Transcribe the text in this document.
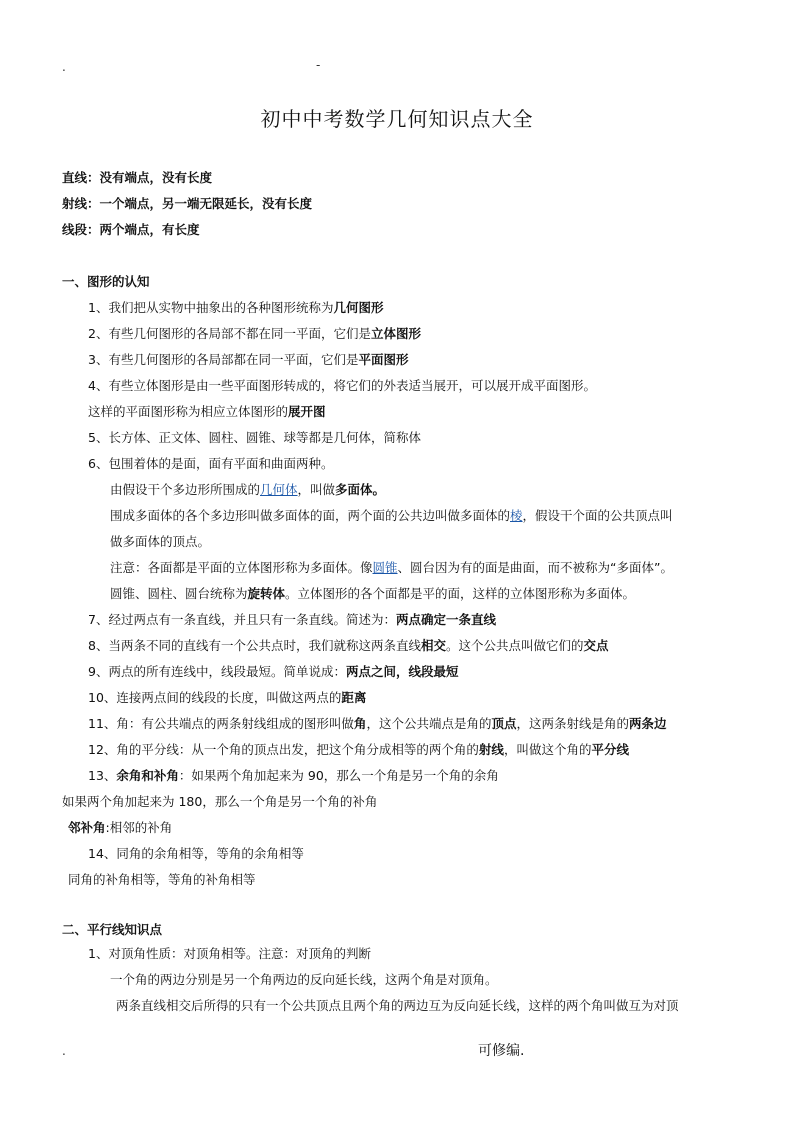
.	-
初中中考数学几何知识点大全
直线：没有端点，没有长度
射线：一个端点，另一端无限延长，没有长度
线段：两个端点，有长度
一、图形的认知
1、我们把从实物中抽象出的各种图形统称为几何图形
2、有些几何图形的各局部不都在同一平面，它们是立体图形
3、有些几何图形的各局部都在同一平面，它们是平面图形
4、有些立体图形是由一些平面图形转成的，将它们的外表适当展开，可以展开成平面图形。
这样的平面图形称为相应立体图形的展开图
5、长方体、正文体、圆柱、圆锥、球等都是几何体，简称体
6、包围着体的是面，面有平面和曲面两种。
由假设干个多边形所围成的几何体，叫做多面体。
围成多面体的各个多边形叫做多面体的面，两个面的公共边叫做多面体的棱，假设干个面的公共顶点叫
做多面体的顶点。
注意：各面都是平面的立体图形称为多面体。像圆锥、圆台因为有的面是曲面，而不被称为“多面体”。
圆锥、圆柱、圆台统称为旋转体。立体图形的各个面都是平的面，这样的立体图形称为多面体。
7、经过两点有一条直线，并且只有一条直线。简述为：两点确定一条直线
8、当两条不同的直线有一个公共点时，我们就称这两条直线相交。这个公共点叫做它们的交点
9、两点的所有连线中，线段最短。简单说成：两点之间，线段最短
10、连接两点间的线段的长度，叫做这两点的距离
11、角：有公共端点的两条射线组成的图形叫做角，这个公共端点是角的顶点，这两条射线是角的两条边
12、角的平分线：从一个角的顶点出发，把这个角分成相等的两个角的射线，叫做这个角的平分线
13、余角和补角：如果两个角加起来为 90，那么一个角是另一个角的余角
如果两个角加起来为 180，那么一个角是另一个角的补角
邻补角:相邻的补角
14、同角的余角相等，等角的余角相等
同角的补角相等，等角的补角相等
二、平行线知识点
1、对顶角性质：对顶角相等。注意：对顶角的判断
一个角的两边分别是另一个角两边的反向延长线，这两个角是对顶角。
两条直线相交后所得的只有一个公共顶点且两个角的两边互为反向延长线，这样的两个角叫做互为对顶
.	可修编.
